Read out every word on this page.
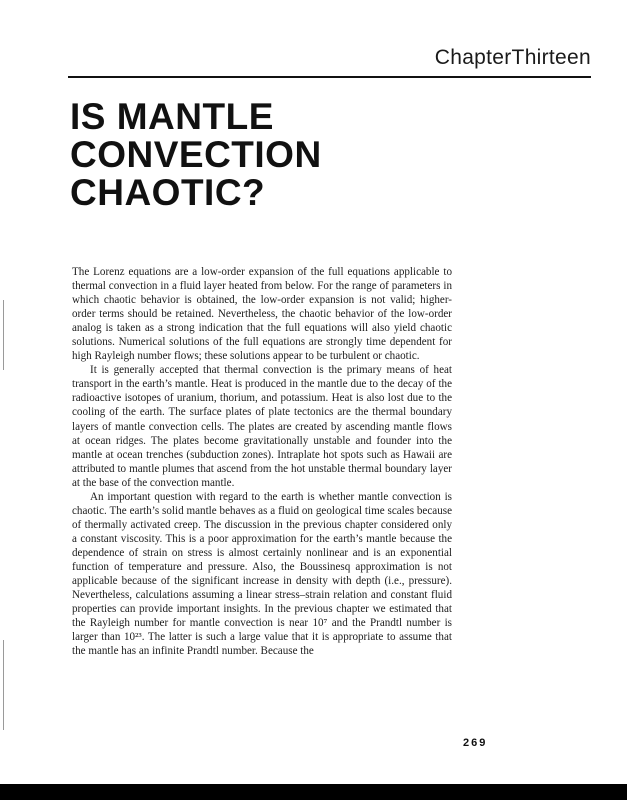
ChapterThirteen
IS MANTLE
CONVECTION
CHAOTIC?

The Lorenz equations are a low-order expansion of the full equations applicable to thermal convection in a fluid layer heated from below. For the range of parameters in which chaotic behavior is obtained, the low-order expansion is not valid; higher-order terms should be retained. Nevertheless, the chaotic behavior of the low-order analog is taken as a strong indication that the full equations will also yield chaotic solutions. Numerical solutions of the full equations are strongly time dependent for high Rayleigh number flows; these solutions appear to be turbulent or chaotic.

It is generally accepted that thermal convection is the primary means of heat transport in the earth’s mantle. Heat is produced in the mantle due to the decay of the radioactive isotopes of uranium, thorium, and potassium. Heat is also lost due to the cooling of the earth. The surface plates of plate tectonics are the thermal boundary layers of mantle convection cells. The plates are created by ascending mantle flows at ocean ridges. The plates become gravitationally unstable and founder into the mantle at ocean trenches (subduction zones). Intraplate hot spots such as Hawaii are attributed to mantle plumes that ascend from the hot unstable thermal boundary layer at the base of the convection mantle.

An important question with regard to the earth is whether mantle convection is chaotic. The earth’s solid mantle behaves as a fluid on geological time scales because of thermally activated creep. The discussion in the previous chapter considered only a constant viscosity. This is a poor approximation for the earth’s mantle because the dependence of strain on stress is almost certainly nonlinear and is an exponential function of temperature and pressure. Also, the Boussinesq approximation is not applicable because of the significant increase in density with depth (i.e., pressure). Nevertheless, calculations assuming a linear stress–strain relation and constant fluid properties can provide important insights. In the previous chapter we estimated that the Rayleigh number for mantle convection is near 10⁷ and the Prandtl number is larger than 10²³. The latter is such a large value that it is appropriate to assume that the mantle has an infinite Prandtl number. Because the

269
